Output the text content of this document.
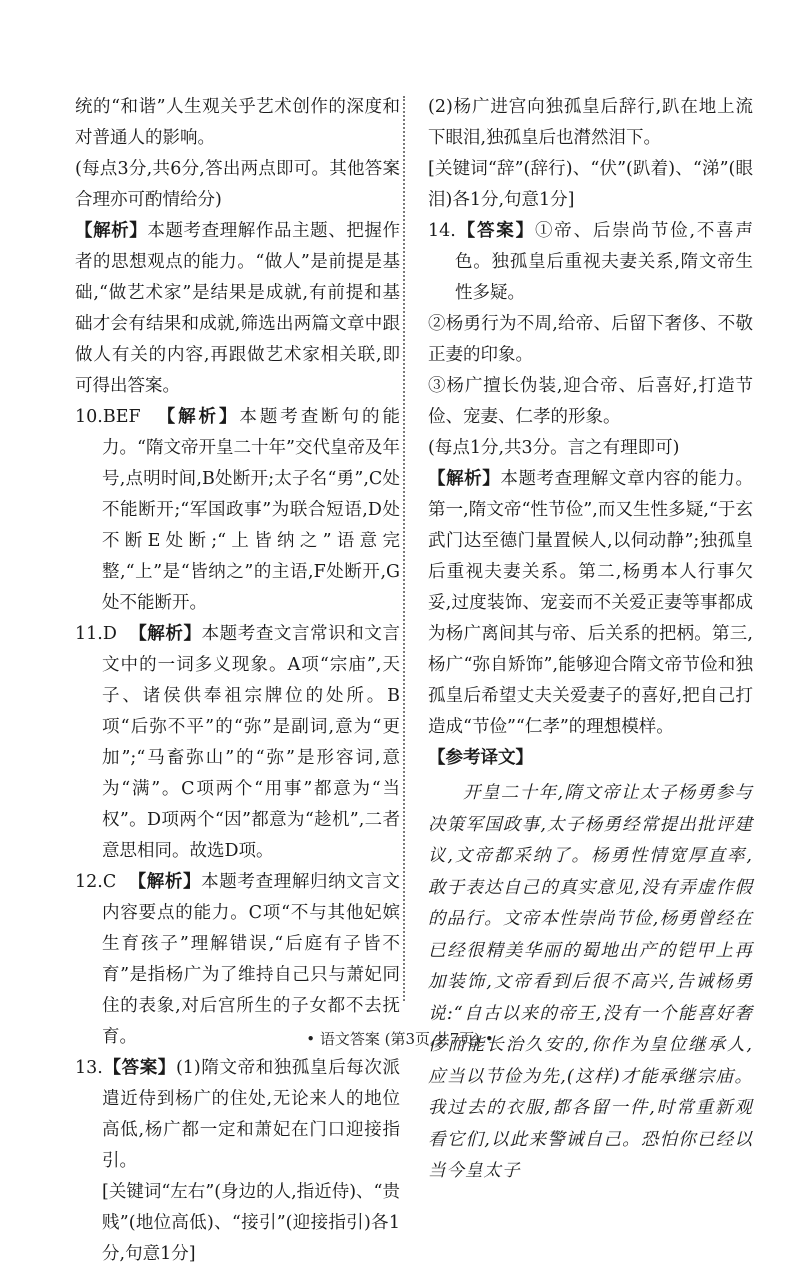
统的“和谐”人生观关乎艺术创作的深度和对普通人的影响。

(每点3分,共6分,答出两点即可。其他答案合理亦可酌情给分)

【解析】本题考查理解作品主题、把握作者的思想观点的能力。“做人”是前提是基础,“做艺术家”是结果是成就,有前提和基础才会有结果和成就,筛选出两篇文章中跟做人有关的内容,再跟做艺术家相关联,即可得出答案。

10.BEF 【解析】本题考查断句的能力。“隋文帝开皇二十年”交代皇帝及年号,点明时间,B处断开;太子名“勇”,C处不能断开;“军国政事”为联合短语,D处不断E处断;“上皆纳之”语意完整,“上”是“皆纳之”的主语,F处断开,G处不能断开。

11.D 【解析】本题考查文言常识和文言文中的一词多义现象。A项“宗庙”,天子、诸侯供奉祖宗牌位的处所。B项“后弥不平”的“弥”是副词,意为“更加”;“马畜弥山”的“弥”是形容词,意为“满”。C项两个“用事”都意为“当权”。D项两个“因”都意为“趁机”,二者意思相同。故选D项。

12.C 【解析】本题考查理解归纳文言文内容要点的能力。C项“不与其他妃嫔生育孩子”理解错误,“后庭有子皆不育”是指杨广为了维持自己只与萧妃同住的表象,对后宫所生的子女都不去抚育。

13.【答案】(1)隋文帝和独孤皇后每次派遣近侍到杨广的住处,无论来人的地位高低,杨广都一定和萧妃在门口迎接指引。

[关键词“左右”(身边的人,指近侍)、“贵贱”(地位高低)、“接引”(迎接指引)各1分,句意1分]

(2)杨广进宫向独孤皇后辞行,趴在地上流下眼泪,独孤皇后也潸然泪下。

[关键词“辞”(辞行)、“伏”(趴着)、“涕”(眼泪)各1分,句意1分]

14.【答案】①帝、后崇尚节俭,不喜声色。独孤皇后重视夫妻关系,隋文帝生性多疑。

②杨勇行为不周,给帝、后留下奢侈、不敬正妻的印象。

③杨广擅长伪装,迎合帝、后喜好,打造节俭、宠妻、仁孝的形象。

(每点1分,共3分。言之有理即可)

【解析】本题考查理解文章内容的能力。第一,隋文帝“性节俭”,而又生性多疑,“于玄武门达至德门量置候人,以伺动静”;独孤皇后重视夫妻关系。第二,杨勇本人行事欠妥,过度装饰、宠妾而不关爱正妻等事都成为杨广离间其与帝、后关系的把柄。第三,杨广“弥自矫饰”,能够迎合隋文帝节俭和独孤皇后希望丈夫关爱妻子的喜好,把自己打造成“节俭”“仁孝”的理想模样。

【参考译文】

开皇二十年,隋文帝让太子杨勇参与决策军国政事,太子杨勇经常提出批评建议,文帝都采纳了。杨勇性情宽厚直率,敢于表达自己的真实意见,没有弄虚作假的品行。文帝本性崇尚节俭,杨勇曾经在已经很精美华丽的蜀地出产的铠甲上再加装饰,文帝看到后很不高兴,告诫杨勇说:“自古以来的帝王,没有一个能喜好奢侈而能长治久安的,你作为皇位继承人,应当以节俭为先,(这样)才能承继宗庙。我过去的衣服,都各留一件,时常重新观看它们,以此来警诫自己。恐怕你已经以当今皇太子

• 语文答案 (第3页,共7页) •
